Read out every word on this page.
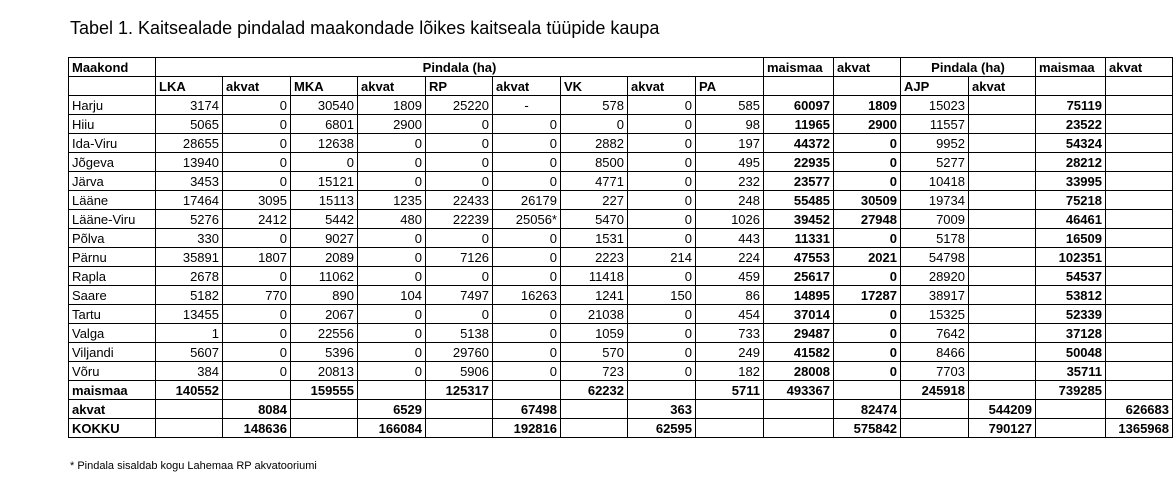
Tabel 1. Kaitsealade pindalad maakondade lõikes kaitseala tüüpide kaupa
Maakond	Pindala (ha)									maismaa	akvat	Pindala (ha)		maismaa	akvat
	LKA	akvat	MKA	akvat	RP	akvat	VK	akvat	PA			AJP	akvat		
Harju	3174	0	30540	1809	25220	-	578	0	585	60097	1809	15023		75119	
Hiiu	5065	0	6801	2900	0	0	0	0	98	11965	2900	11557		23522	
Ida-Viru	28655	0	12638	0	0	0	2882	0	197	44372	0	9952		54324	
Jõgeva	13940	0	0	0	0	0	8500	0	495	22935	0	5277		28212	
Järva	3453	0	15121	0	0	0	4771	0	232	23577	0	10418		33995	
Lääne	17464	3095	15113	1235	22433	26179	227	0	248	55485	30509	19734		75218	
Lääne-Viru	5276	2412	5442	480	22239	25056*	5470	0	1026	39452	27948	7009		46461	
Põlva	330	0	9027	0	0	0	1531	0	443	11331	0	5178		16509	
Pärnu	35891	1807	2089	0	7126	0	2223	214	224	47553	2021	54798		102351	
Rapla	2678	0	11062	0	0	0	11418	0	459	25617	0	28920		54537	
Saare	5182	770	890	104	7497	16263	1241	150	86	14895	17287	38917		53812	
Tartu	13455	0	2067	0	0	0	21038	0	454	37014	0	15325		52339	
Valga	1	0	22556	0	5138	0	1059	0	733	29487	0	7642		37128	
Viljandi	5607	0	5396	0	29760	0	570	0	249	41582	0	8466		50048	
Võru	384	0	20813	0	5906	0	723	0	182	28008	0	7703		35711	
maismaa	140552		159555		125317		62232		5711	493367		245918		739285	
akvat		8084		6529		67498		363			82474		544209		626683
KOKKU		148636		166084		192816		62595			575842		790127		1365968
* Pindala sisaldab kogu Lahemaa RP akvatooriumi
